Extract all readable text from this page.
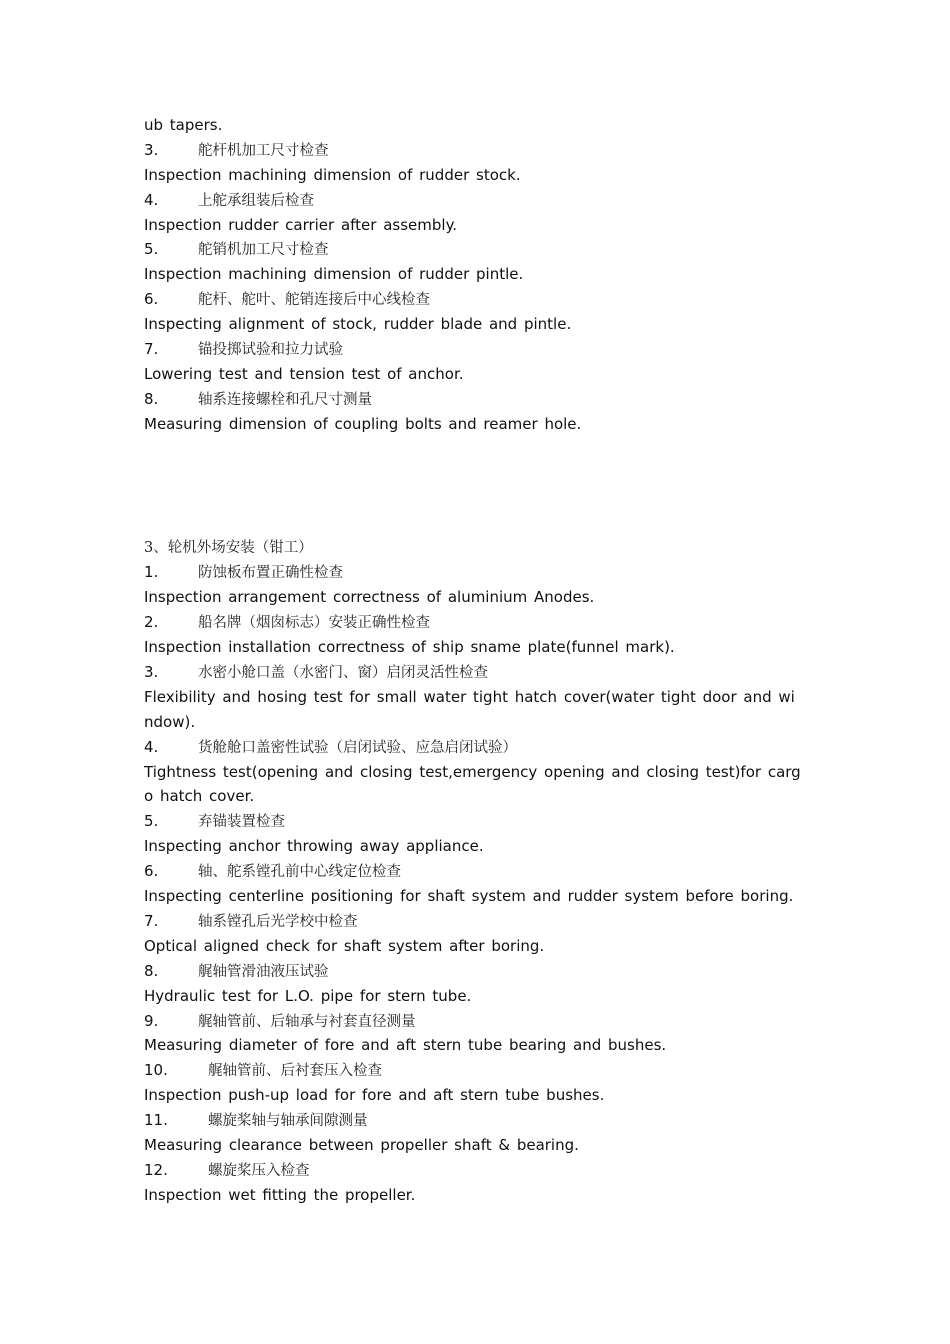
ub tapers.
3.	舵杆机加工尺寸检查
Inspection machining dimension of rudder stock.
4.	上舵承组装后检查
Inspection rudder carrier after assembly.
5.	舵销机加工尺寸检查
Inspection machining dimension of rudder pintle.
6.	舵杆、舵叶、舵销连接后中心线检查
Inspecting alignment of stock, rudder blade and pintle.
7.	锚投掷试验和拉力试验
Lowering test and tension test of anchor.
8.	轴系连接螺栓和孔尺寸测量
Measuring dimension of coupling bolts and reamer hole.
3、轮机外场安装（钳工）
1.	防蚀板布置正确性检查
Inspection arrangement correctness of aluminium Anodes.
2.	船名牌（烟囱标志）安装正确性检查
Inspection installation correctness of ship sname plate(funnel mark).
3.	水密小舱口盖（水密门、窗）启闭灵活性检查
Flexibility and hosing test for small water tight hatch cover(water tight door and wi
ndow).
4.	货舱舱口盖密性试验（启闭试验、应急启闭试验）
Tightness test(opening and closing test,emergency opening and closing test)for carg
o hatch cover.
5.	弃锚装置检查
Inspecting anchor throwing away appliance.
6.	轴、舵系镗孔前中心线定位检查
Inspecting centerline positioning for shaft system and rudder system before boring.
7.	轴系镗孔后光学校中检查
Optical aligned check for shaft system after boring.
8.	艉轴管滑油液压试验
Hydraulic test for L.O. pipe for stern tube.
9.	艉轴管前、后轴承与衬套直径测量
Measuring diameter of fore and aft stern tube bearing and bushes.
10.	艉轴管前、后衬套压入检查
Inspection push-up load for fore and aft stern tube bushes.
11.	螺旋桨轴与轴承间隙测量
Measuring clearance between propeller shaft & bearing.
12.	螺旋桨压入检查
Inspection wet fitting the propeller.
